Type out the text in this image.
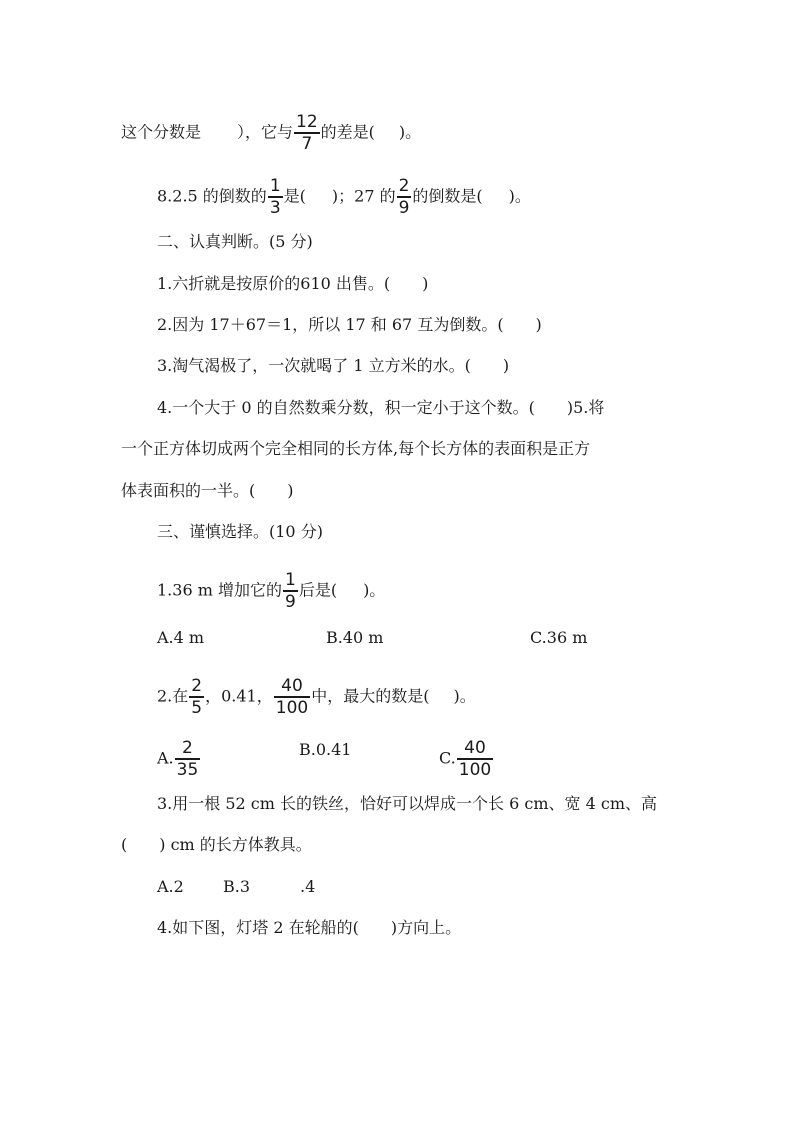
这个分数是 ），它与 $\frac{12}{7}$ 的差是( )。
8.2.5 的倒数的 $\frac{1}{3}$ 是( )；27 的 $\frac{2}{9}$ 的倒数是( )。
二、认真判断。(5 分)
1.六折就是按原价的610 出售。(　　)
2.因为 17＋67＝1，所以 17 和 67 互为倒数。(　　)
3.淘气渴极了，一次就喝了 1 立方米的水。(　　)
4.一个大于 0 的自然数乘分数，积一定小于这个数。(　　)5.将
一个正方体切成两个完全相同的长方体,每个长方体的表面积是正方
体表面积的一半。(　　)
三、谨慎选择。(10 分)
1.36 m 增加它的 $\frac{1}{9}$ 后是( )。
A.4 m	B.40 m	C.36 m
2.在 $\frac{2}{5}$ ，0.41， $\frac{40}{100}$ 中，最大的数是( )。
A. $\frac{2}{35}$	B.0.41	C. $\frac{40}{100}$
3.用一根 52 cm 长的铁丝，恰好可以焊成一个长 6 cm、宽 4 cm、高
(　　) cm 的长方体教具。
A.2 B.3	.4
4.如下图，灯塔 2 在轮船的(　　)方向上。
